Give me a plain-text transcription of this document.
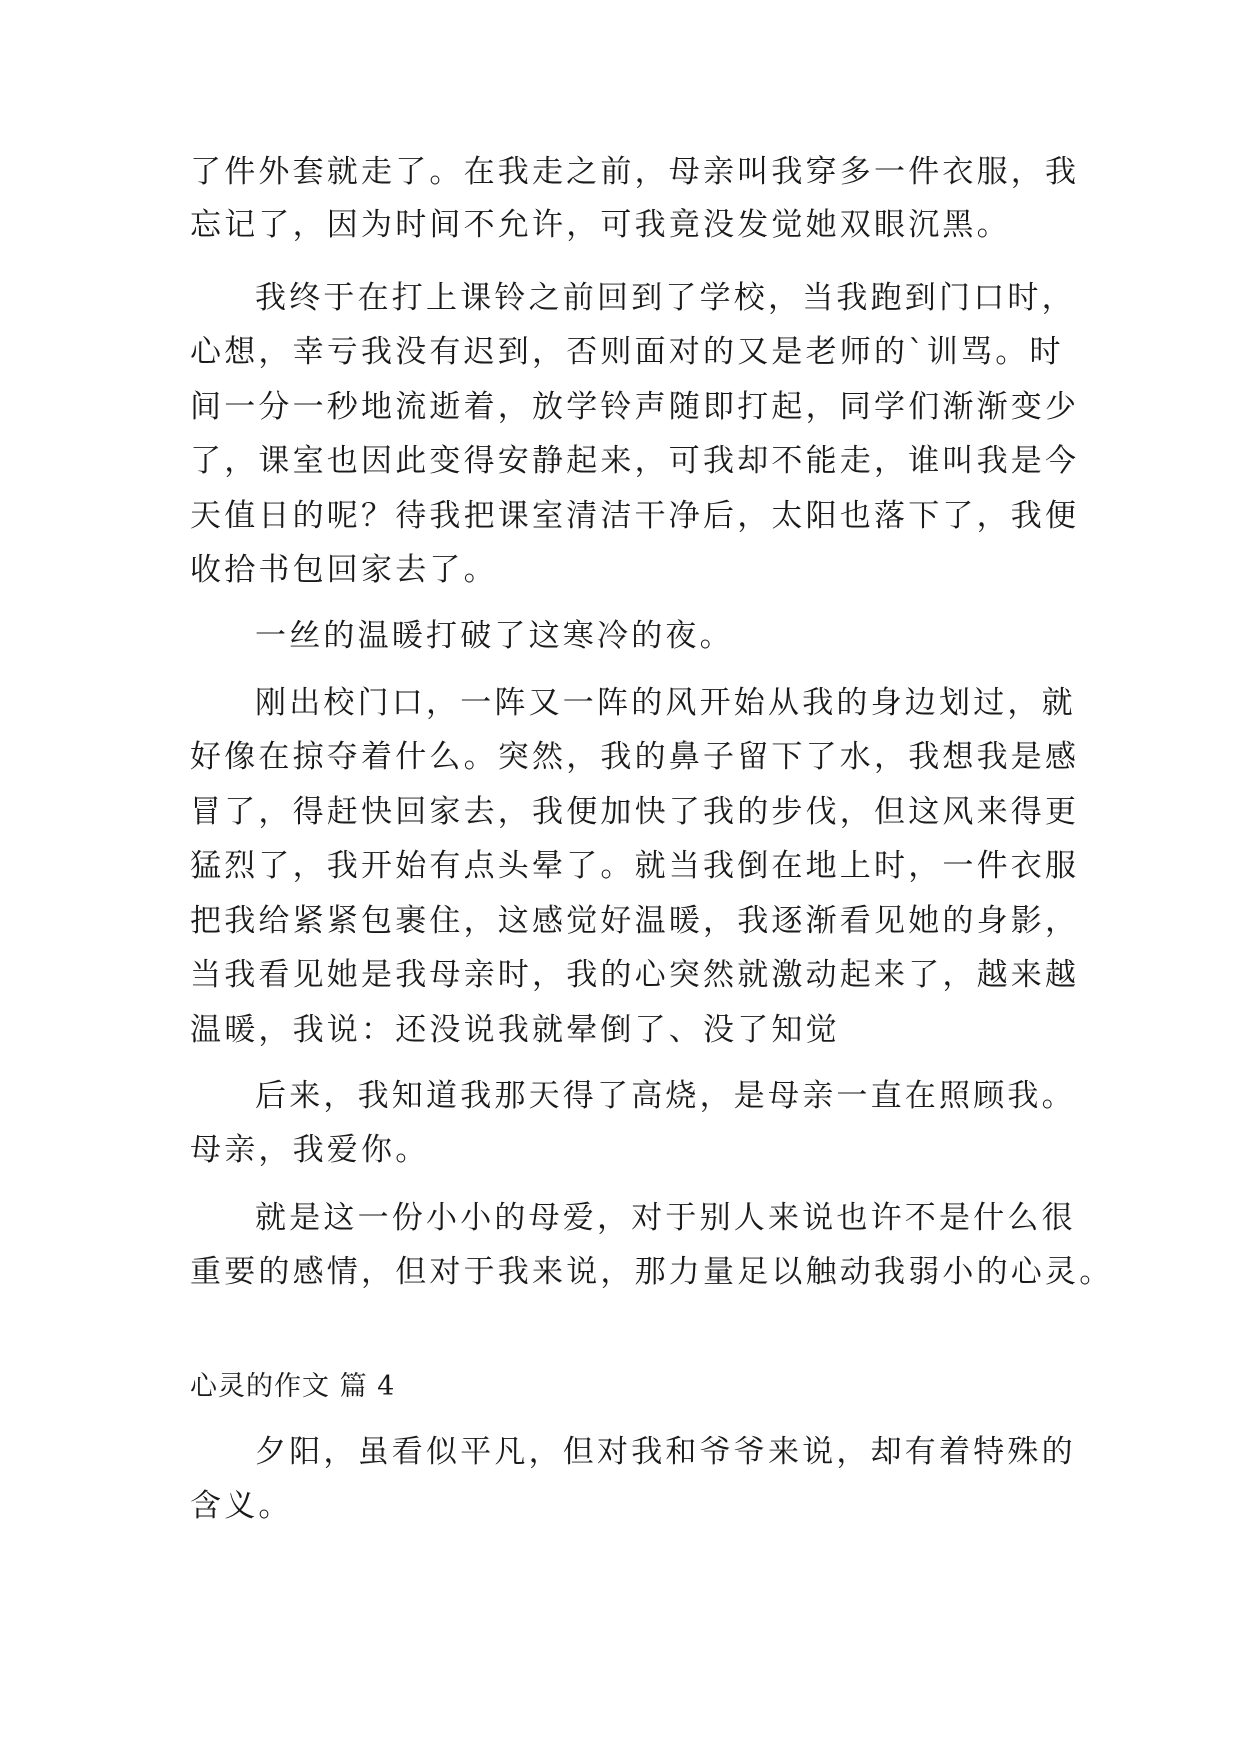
了件外套就走了。在我走之前，母亲叫我穿多一件衣服，我
忘记了，因为时间不允许，可我竟没发觉她双眼沉黑。
我终于在打上课铃之前回到了学校，当我跑到门口时，
心想，幸亏我没有迟到，否则面对的又是老师的`训骂。时
间一分一秒地流逝着，放学铃声随即打起，同学们渐渐变少
了，课室也因此变得安静起来，可我却不能走，谁叫我是今
天值日的呢？待我把课室清洁干净后，太阳也落下了，我便
收拾书包回家去了。
一丝的温暖打破了这寒冷的夜。
刚出校门口，一阵又一阵的风开始从我的身边划过，就
好像在掠夺着什么。突然，我的鼻子留下了水，我想我是感
冒了，得赶快回家去，我便加快了我的步伐，但这风来得更
猛烈了，我开始有点头晕了。就当我倒在地上时，一件衣服
把我给紧紧包裹住，这感觉好温暖，我逐渐看见她的身影，
当我看见她是我母亲时，我的心突然就激动起来了，越来越
温暖，我说：还没说我就晕倒了、没了知觉
后来，我知道我那天得了高烧，是母亲一直在照顾我。
母亲，我爱你。
就是这一份小小的母爱，对于别人来说也许不是什么很
重要的感情，但对于我来说，那力量足以触动我弱小的心灵。
心灵的作文 篇 4
夕阳，虽看似平凡，但对我和爷爷来说，却有着特殊的
含义。
